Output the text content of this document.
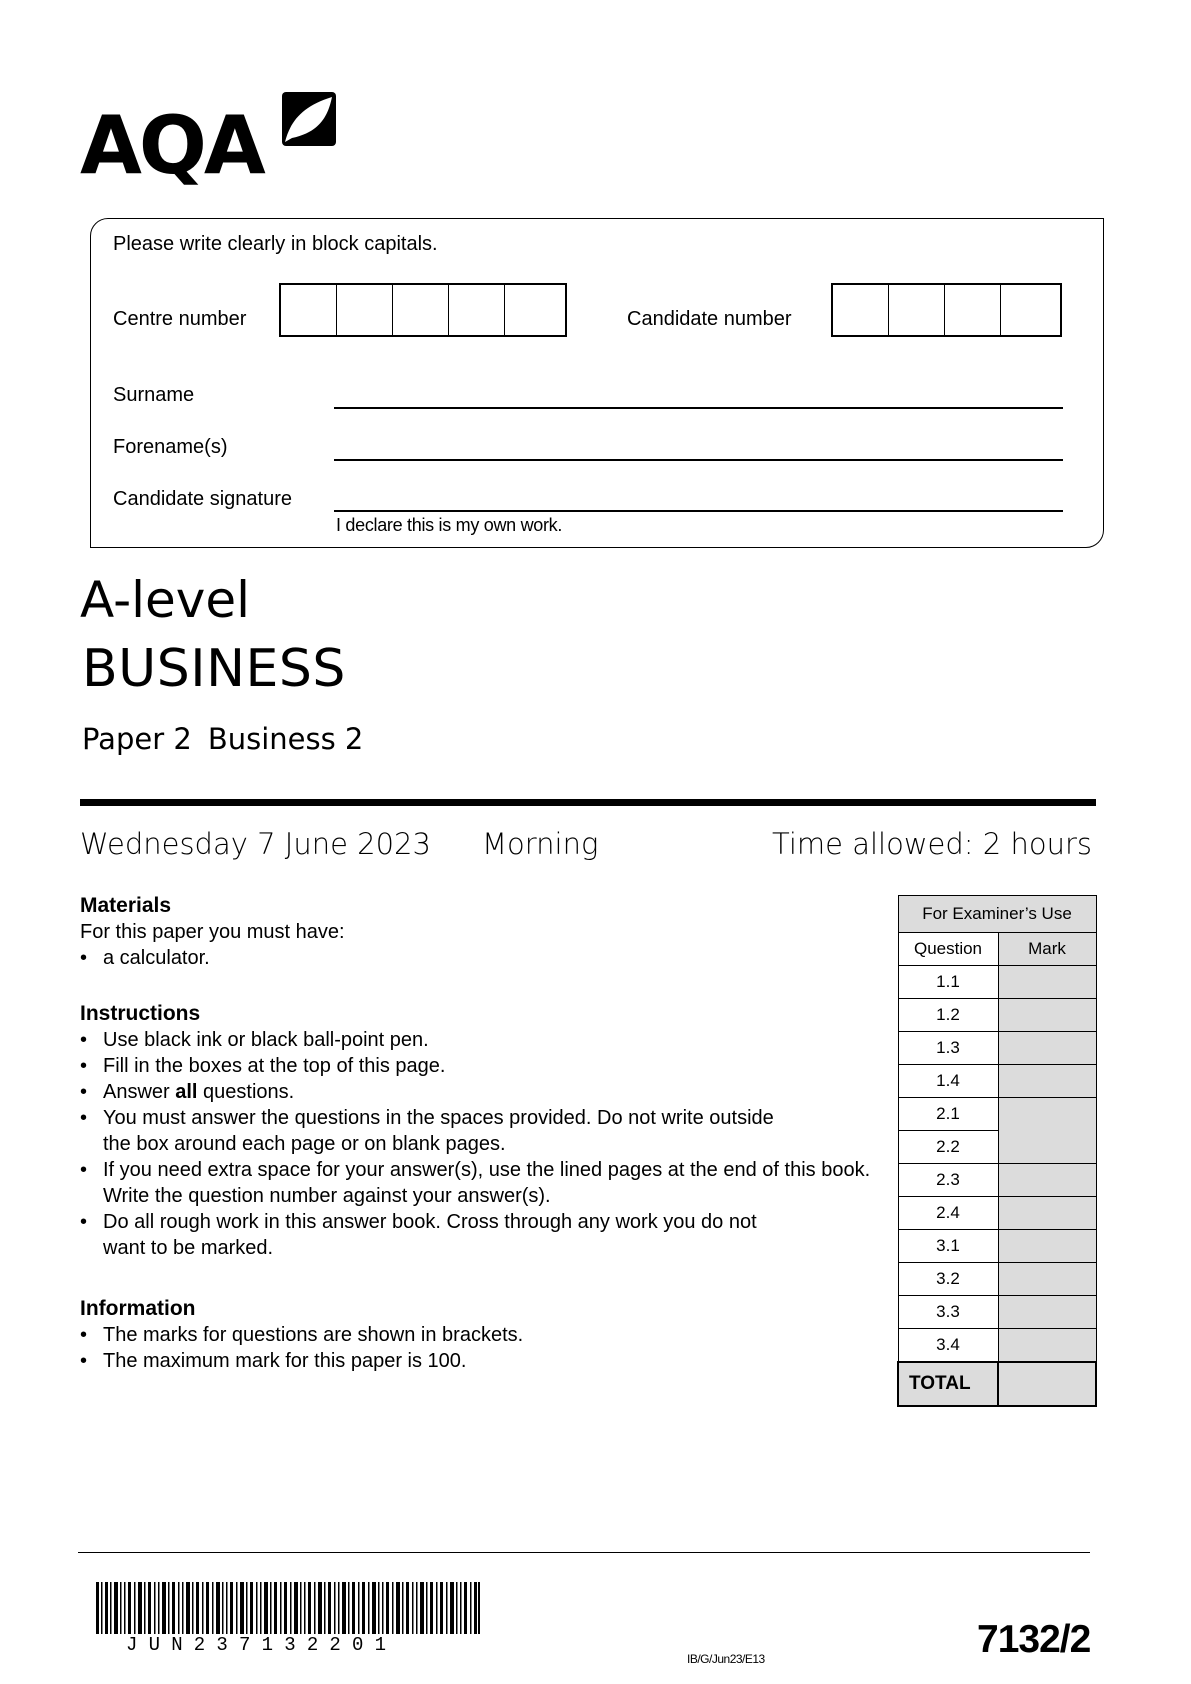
AQA
Please write clearly in block capitals.
Centre number	Candidate number
Surname
Forename(s)
Candidate signature
I declare this is my own work.
A-level
BUSINESS
Paper 2 Business 2
Wednesday 7 June 2023 Morning	Time allowed: 2 hours
Materials
For this paper you must have:
• a calculator.
Instructions
• Use black ink or black ball-point pen.
• Fill in the boxes at the top of this page.
• Answer all questions.
• You must answer the questions in the spaces provided. Do not write outside the box around each page or on blank pages.
• If you need extra space for your answer(s), use the lined pages at the end of this book. Write the question number against your answer(s).
• Do all rough work in this answer book. Cross through any work you do not want to be marked.
Information
• The marks for questions are shown in brackets.
• The maximum mark for this paper is 100.
For Examiner’s Use	
Question	Mark
1.1	
1.2	
1.3	
1.4	
2.1	
2.2	
2.3	
2.4	
3.1	
3.2	
3.3	
3.4	
TOTAL	
JUN237132201
IB/G/Jun23/E13	7132/2
